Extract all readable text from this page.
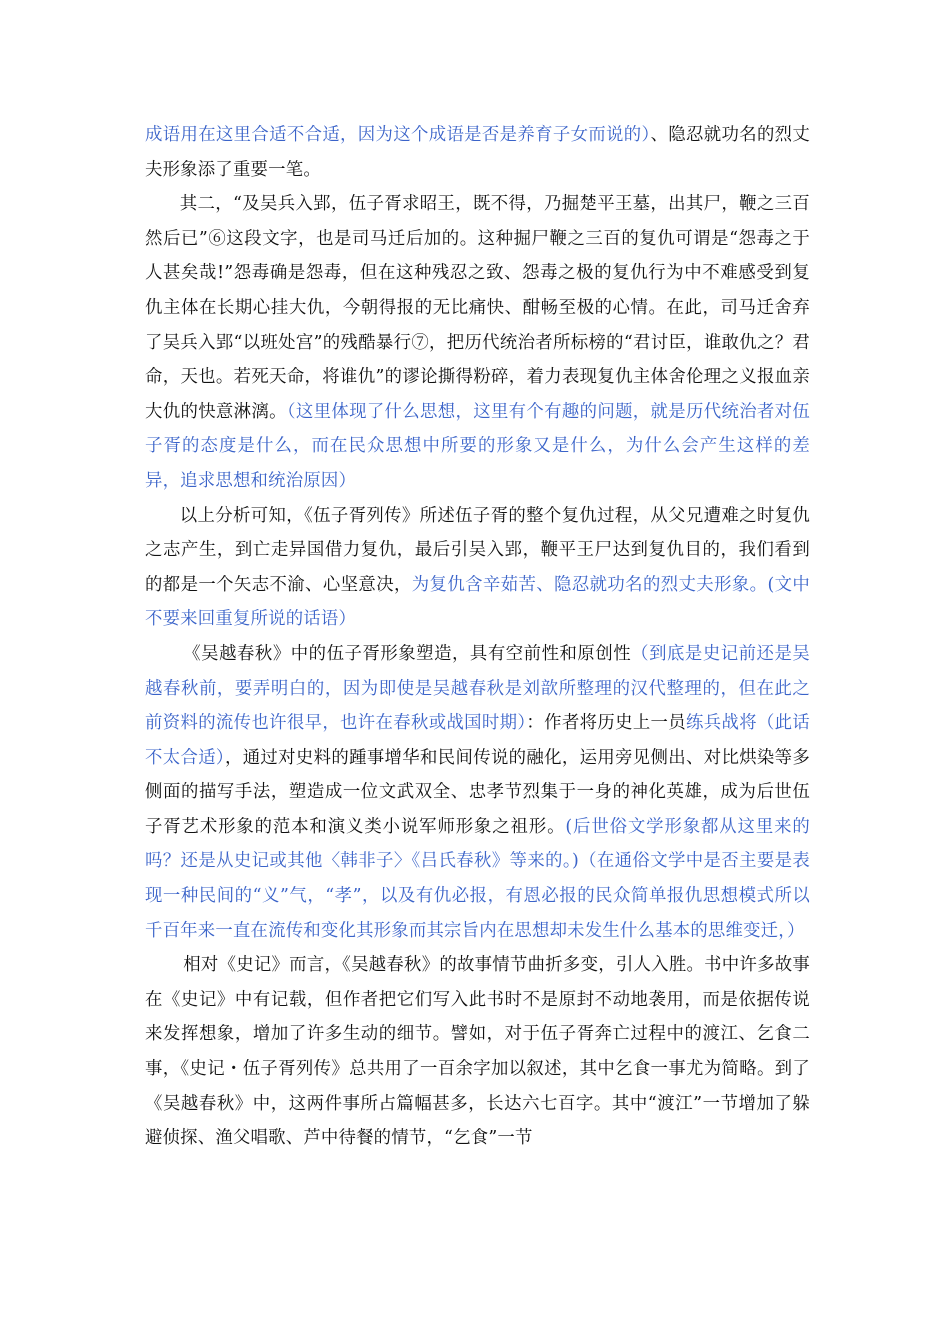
成语用在这里合适不合适，因为这个成语是否是养育子女而说的）、隐忍就功名的烈丈夫形象添了重要一笔。

其二，“及吴兵入郢，伍子胥求昭王，既不得，乃掘楚平王墓，出其尸，鞭之三百然后已”⑥这段文字，也是司马迁后加的。这种掘尸鞭之三百的复仇可谓是“怨毒之于人甚矣哉!”怨毒确是怨毒，但在这种残忍之致、怨毒之极的复仇行为中不难感受到复仇主体在长期心挂大仇，今朝得报的无比痛快、酣畅至极的心情。在此，司马迁舍弃了吴兵入郢“以班处宫”的残酷暴行⑦，把历代统治者所标榜的“君讨臣，谁敢仇之？君命，天也。若死天命，将谁仇”的谬论撕得粉碎，着力表现复仇主体舍伦理之义报血亲大仇的快意淋漓。（这里体现了什么思想，这里有个有趣的问题，就是历代统治者对伍子胥的态度是什么，而在民众思想中所要的形象又是什么，为什么会产生这样的差异，追求思想和统治原因）

以上分析可知，《伍子胥列传》所述伍子胥的整个复仇过程，从父兄遭难之时复仇之志产生，到亡走异国借力复仇，最后引吴入郢，鞭平王尸达到复仇目的，我们看到的都是一个矢志不渝、心坚意决，为复仇含辛茹苦、隐忍就功名的烈丈夫形象。(文中不要来回重复所说的话语）

《吴越春秋》中的伍子胥形象塑造，具有空前性和原创性（到底是史记前还是吴越春秋前，要弄明白的，因为即使是吴越春秋是刘歆所整理的汉代整理的，但在此之前资料的流传也许很早，也许在春秋或战国时期）：作者将历史上一员练兵战将（此话不太合适），通过对史料的踵事增华和民间传说的融化，运用旁见侧出、对比烘染等多侧面的描写手法，塑造成一位文武双全、忠孝节烈集于一身的神化英雄，成为后世伍子胥艺术形象的范本和演义类小说军师形象之祖形。(后世俗文学形象都从这里来的吗？还是从史记或其他〈韩非子〉《吕氏春秋》等来的。)（在通俗文学中是否主要是表现一种民间的“义”气，“孝”，以及有仇必报，有恩必报的民众简单报仇思想模式所以千百年来一直在流传和变化其形象而其宗旨内在思想却未发生什么基本的思维变迁，）

相对《史记》而言，《吴越春秋》的故事情节曲折多变，引人入胜。书中许多故事在《史记》中有记载，但作者把它们写入此书时不是原封不动地袭用，而是依据传说来发挥想象，增加了许多生动的细节。譬如，对于伍子胥奔亡过程中的渡江、乞食二事，《史记・伍子胥列传》总共用了一百余字加以叙述，其中乞食一事尤为简略。到了《吴越春秋》中，这两件事所占篇幅甚多，长达六七百字。其中“渡江”一节增加了躲避侦探、渔父唱歌、芦中待餐的情节，“乞食”一节
